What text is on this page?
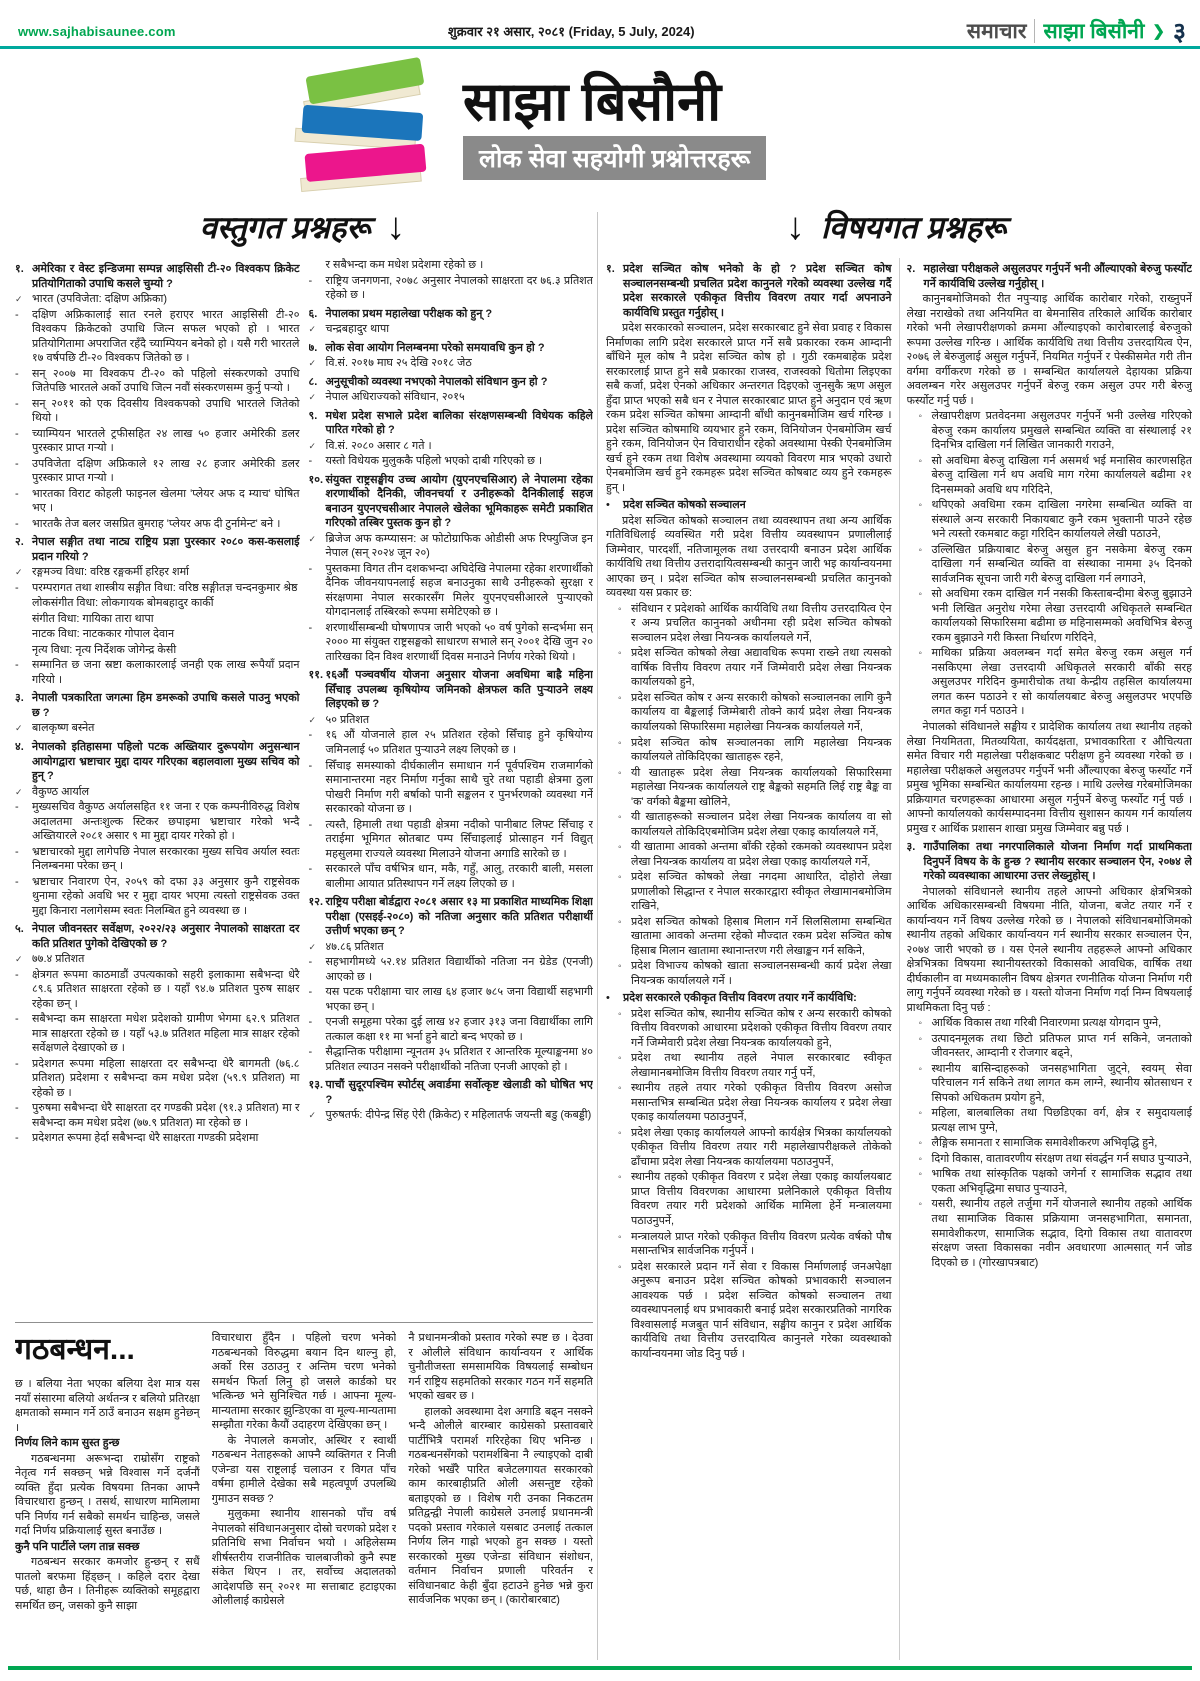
www.sajhabisaunee.com	शुक्रवार २१ असार, २०८१ (Friday, 5 July, 2024)	समाचार साझा बिसौनी ❯ ३
साझा बिसौनी
लोक सेवा सहयोगी प्रश्नोत्तरहरू
वस्तुगत प्रश्नहरू ↓	↓ विषयगत प्रश्नहरू
१. अमेरिका र वेस्ट इन्डिजमा सम्पन्न आइसिसी टी-२० विश्वकप क्रिकेट प्रतियोगिताको उपाधि कसले चुम्यो ?
✓ भारत (उपविजेता: दक्षिण अफ्रिका)
-	दक्षिण अफ्रिकालाई सात रनले हराएर भारत आइसिसी टी-२० विश्वकप क्रिकेटको उपाधि जित्न सफल भएको हो । भारत प्रतियोगितामा अपराजित रहँदै च्याम्पियन बनेको हो । यसै गरी भारतले १७ वर्षपछि टी-२० विश्वकप जितेको छ ।
-	सन् २००७ मा विश्वकप टी-२० को पहिलो संस्करणको उपाधि जितेपछि भारतले अर्को उपाधि जित्न नवौं संस्करणसम्म कुर्नु पऱ्यो ।
-	सन् २०११ को एक दिवसीय विश्वकपको उपाधि भारतले जितेको थियो ।
-	च्याम्पियन भारतले ट्रफीसहित २४ लाख ५० हजार अमेरिकी डलर पुरस्कार प्राप्त गऱ्यो ।
-	उपविजेता दक्षिण अफ्रिकाले १२ लाख २८ हजार अमेरिकी डलर पुरस्कार प्राप्त गऱ्यो ।
-	भारतका विराट कोहली फाइनल खेलमा 'प्लेयर अफ द म्याच' घोषित भए ।
-	भारतकै तेज बलर जसप्रित बुमराह 'प्लेयर अफ दी टुर्नामेन्ट' बने ।
२. नेपाल सङ्गीत तथा नाट्य राष्ट्रिय प्रज्ञा पुरस्कार २०८० कस-कसलाई प्रदान गरियो ?
✓ रङ्गमञ्च विधा: वरिष्ठ रङ्गकर्मी हरिहर शर्मा
-	परम्परागत तथा शास्त्रीय सङ्गीत विधा: वरिष्ठ सङ्गीतज्ञ चन्दनकुमार श्रेष्ठ
लोकसंगीत विधा: लोकगायक बोमबहादुर कार्की
संगीत विधा: गायिका तारा थापा
नाटक विधा: नाटककार गोपाल देवान
नृत्य विधा: नृत्य निर्देशक जोगेन्द्र केसी
-	सम्मानित छ जना स्रष्टा कलाकारलाई जनही एक लाख रूपैयाँ प्रदान गरियो ।
३. नेपाली पत्रकारिता जगत्मा हिम डमरूको उपाधि कसले पाउनु भएको छ ?
✓ बालकृष्ण बस्नेत
४. नेपालको इतिहासमा पहिलो पटक अख्तियार दुरूपयोग अनुसन्धान आयोगद्वारा भ्रष्टाचार मुद्दा दायर गरिएका बहालवाला मुख्य सचिव को हुन् ?
✓ वैकुण्ठ आर्याल
-	मुख्यसचिव वैकुण्ठ अर्यालसहित ११ जना र एक कम्पनीविरुद्ध विशेष अदालतमा अन्तःशुल्क स्टिकर छपाइमा भ्रष्टाचार गरेको भन्दै अख्तियारले २०८१ असार ९ मा मुद्दा दायर गरेको हो ।
-	भ्रष्टाचारको मुद्दा लागेपछि नेपाल सरकारका मुख्य सचिव अर्याल स्वतः निलम्बनमा परेका छन् ।
-	भ्रष्टाचार निवारण ऐन, २०५९ को दफा ३३ अनुसार कुनै राष्ट्रसेवक थुनामा रहेको अवधि भर र मुद्दा दायर भएमा त्यस्तो राष्ट्रसेवक उक्त मुद्दा किनारा नलागेसम्म स्वतः निलम्बित हुने व्यवस्था छ ।
५. नेपाल जीवनस्तर सर्वेक्षण, २०२२/२३ अनुसार नेपालको साक्षरता दर कति प्रतिशत पुगेको देखिएको छ ?
✓ ७७.४ प्रतिशत
-	क्षेत्रगत रूपमा काठमाडौं उपत्यकाको सहरी इलाकामा सबैभन्दा धेरै ८९.६ प्रतिशत साक्षरता रहेको छ । यहाँ ९४.७ प्रतिशत पुरुष साक्षर रहेका छन् ।
-	सबैभन्दा कम साक्षरता मधेश प्रदेशको ग्रामीण भेगमा ६२.९ प्रतिशत मात्र साक्षरता रहेको छ । यहाँ ५३.७ प्रतिशत महिला मात्र साक्षर रहेको सर्वेक्षणले देखाएको छ ।
-	प्रदेशगत रूपमा महिला साक्षरता दर सबैभन्दा धेरै बागमती (७६.८ प्रतिशत) प्रदेशमा र सबैभन्दा कम मधेश प्रदेश (५९.९ प्रतिशत) मा रहेको छ ।
-	पुरुषमा सबैभन्दा धेरै साक्षरता दर गण्डकी प्रदेश (९१.३ प्रतिशत) मा र सबैभन्दा कम मधेश प्रदेश (७७.९ प्रतिशत) मा रहेको छ ।
-	प्रदेशगत रूपमा हेर्दा सबैभन्दा धेरै साक्षरता गण्डकी प्रदेशमा
र सबैभन्दा कम मधेश प्रदेशमा रहेको छ ।
-	राष्ट्रिय जनगणना, २०७८ अनुसार नेपालको साक्षरता दर ७६.३ प्रतिशत रहेको छ ।
६. नेपालका प्रथम महालेखा परीक्षक को हुन् ?
✓ चन्द्रबहादुर थापा
७. लोक सेवा आयोग निलम्बनमा परेको समयावधि कुन हो ?
✓ वि.सं. २०१७ माघ २५ देखि २०१८ जेठ
८. अनुसूचीको व्यवस्था नभएको नेपालको संविधान कुन हो ?
✓ नेपाल अधिराज्यको संविधान, २०१५
९. मधेश प्रदेश सभाले प्रदेश बालिका संरक्षणसम्बन्धी विधेयक कहिले पारित गरेको हो ?
✓ वि.सं. २०८० असार ८ गते ।
-	यस्तो विधेयक मुलुककै पहिलो भएको दाबी गरिएको छ ।
१०. संयुक्त राष्ट्रसङ्घीय उच्च आयोग (युएनएचसिआर) ले नेपालमा रहेका शरणार्थीको दैनिकी, जीवनचर्या र उनीहरूको दैनिकीलाई सहज बनाउन युएनएचसीआर नेपालले खेलेका भूमिकाहरू समेटी प्रकाशित गरिएको तस्बिर पुस्तक कुन हो ?
✓ ब्रिजेज अफ कम्प्यासन: अ फोटोग्राफिक ओडीसी अफ रिफ्युजिज इन नेपाल (सन् २०२४ जून २०)
-	पुस्तकमा विगत तीन दशकभन्दा अघिदेखि नेपालमा रहेका शरणार्थीको दैनिक जीवनयापनलाई सहज बनाउनुका साथै उनीहरूको सुरक्षा र संरक्षणमा नेपाल सरकारसँग मिलेर युएनएचसीआरले पुऱ्याएको योगदानलाई तस्बिरको रूपमा समेटिएको छ ।
-	शरणार्थीसम्बन्धी घोषणापत्र जारी भएको ५० वर्ष पुगेको सन्दर्भमा सन् २००० मा संयुक्त राष्ट्रसङ्घको साधारण सभाले सन् २००१ देखि जुन २० तारिखका दिन विश्व शरणार्थी दिवस मनाउने निर्णय गरेको थियो ।
११. १६औं पञ्चवर्षीय योजना अनुसार योजना अवधिमा बाह्रै महिना सिँचाइ उपलब्ध कृषियोग्य जमिनको क्षेत्रफल कति पुऱ्याउने लक्ष्य लिइएको छ ?
✓ ५० प्रतिशत
-	१६ औं योजनाले हाल २५ प्रतिशत रहेको सिँचाइ हुने कृषियोग्य जमिनलाई ५० प्रतिशत पुऱ्याउने लक्ष्य लिएको छ ।
-	सिँचाइ समस्याको दीर्घकालीन समाधान गर्न पूर्वपश्चिम राजमार्गको समानान्तरमा नहर निर्माण गर्नुका साथै चुरे तथा पहाडी क्षेत्रमा ठुला पोखरी निर्माण गरी बर्षाको पानी सङ्कलन र पुनर्भरणको व्यवस्था गर्ने सरकारको योजना छ ।
-	त्यस्तै, हिमाली तथा पहाडी क्षेत्रमा नदीको पानीबाट लिफ्ट सिँचाइ र तराईमा भूमिगत स्रोतबाट पम्प सिँचाइलाई प्रोत्साहन गर्न विद्युत् महसुलमा राज्यले व्यवस्था मिलाउने योजना अगाडि सारेको छ ।
-	सरकारले पाँच वर्षभित्र धान, मकै, गहुँ, आलु, तरकारी बाली, मसला बालीमा आयात प्रतिस्थापन गर्ने लक्ष्य लिएको छ ।
१२. राष्ट्रिय परीक्षा बोर्डद्वारा २०८१ असार १३ मा प्रकाशित माध्यमिक शिक्षा परीक्षा (एसइई-२०८०) को नतिजा अनुसार कति प्रतिशत परीक्षार्थी उत्तीर्ण भएका छन् ?
✓ ४७.८६ प्रतिशत
-	सहभागीमध्ये ५२.१४ प्रतिशत विद्यार्थीको नतिजा नन ग्रेडेड (एनजी) आएको छ ।
-	यस पटक परीक्षामा चार लाख ६४ हजार ७८५ जना विद्यार्थी सहभागी भएका छन् ।
-	एनजी समूहमा परेका दुई लाख ४२ हजार ३१३ जना विद्यार्थीका लागि तत्काल कक्षा ११ मा भर्ना हुने बाटो बन्द भएको छ ।
-	सैद्धान्तिक परीक्षामा न्यूनतम ३५ प्रतिशत र आन्तरिक मूल्याङ्कनमा ४० प्रतिशत ल्याउन नसक्ने परीक्षार्थीको नतिजा एनजी आएको हो ।
१३. पाचौं सुदूरपश्चिम स्पोर्टस् अवार्डमा सर्वोत्कृष्ट खेलाडी को घोषित भए ?
✓ पुरुषतर्फ: दीपेन्द्र सिंह ऐरी (क्रिकेट) र महिलातर्फ जयन्ती बडु (कबड्डी)
१. प्रदेश सञ्चित कोष भनेको के हो ? प्रदेश सञ्चित कोष सञ्चालनसम्बन्धी प्रचलित प्रदेश कानुनले गरेको व्यवस्था उल्लेख गर्दै प्रदेश सरकारले एकीकृत वित्तीय विवरण तयार गर्दा अपनाउने कार्यविधि प्रस्तुत गर्नुहोस् ।
प्रदेश सरकारको सञ्चालन, प्रदेश सरकारबाट हुने सेवा प्रवाह र विकास निर्माणका लागि प्रदेश सरकारले प्राप्त गर्ने सबै प्रकारका रकम आम्दानी बाँधिने मूल कोष नै प्रदेश सञ्चित कोष हो । गुठी रकमबाहेक प्रदेश सरकारलाई प्राप्त हुने सबै प्रकारका राजस्व, राजस्वको धितोमा लिइएका सबै कर्जा, प्रदेश ऐनको अधिकार अन्तरगत दिइएको जुनसुकै ऋण असुल हुँदा प्राप्त भएको सबै धन र नेपाल सरकारबाट प्राप्त हुने अनुदान एवं ऋण रकम प्रदेश सञ्चित कोषमा आम्दानी बाँधी कानुनबमोजिम खर्च गरिन्छ । प्रदेश सञ्चित कोषमाथि व्ययभार हुने रकम, विनियोजन ऐनबमोजिम खर्च हुने रकम, विनियोजन ऐन विचाराधीन रहेको अवस्थामा पेस्की ऐनबमोजिम खर्च हुने रकम तथा विशेष अवस्थामा व्ययको विवरण मात्र भएको उधारो ऐनबमोजिम खर्च हुने रकमहरू प्रदेश सञ्चित कोषबाट व्यय हुने रकमहरू हुन् ।
•	प्रदेश सञ्चित कोषको सञ्चालन
प्रदेश सञ्चित कोषको सञ्चालन तथा व्यवस्थापन तथा अन्य आर्थिक गतिविधिलाई व्यवस्थित गरी प्रदेश वित्तीय व्यवस्थापन प्रणालीलाई जिम्मेवार, पारदर्शी, नतिजामूलक तथा उत्तरदायी बनाउन प्रदेश आर्थिक कार्यविधि तथा वित्तीय उत्तरादायित्वसम्बन्धी कानुन जारी भइ कार्यान्वयनमा आएका छन् । प्रदेश सञ्चित कोष सञ्चालनसम्बन्धी प्रचलित कानुनको व्यवस्था यस प्रकार छ:
◦ संविधान र प्रदेशको आर्थिक कार्यविधि तथा वित्तीय उत्तरदायित्व ऐन र अन्य प्रचलित कानुनको अधीनमा रही प्रदेश सञ्चित कोषको सञ्चालन प्रदेश लेखा नियन्त्रक कार्यालयले गर्ने,
◦ प्रदेश सञ्चित कोषको लेखा अद्यावधिक रूपमा राख्ने तथा त्यसको वार्षिक वित्तीय विवरण तयार गर्ने जिम्मेवारी प्रदेश लेखा नियन्त्रक कार्यालयको हुने,
◦ प्रदेश सञ्चित कोष र अन्य सरकारी कोषको सञ्चालनका लागि कुनै कार्यालय वा बैङ्कलाई जिम्मेबारी तोक्ने कार्य प्रदेश लेखा नियन्त्रक कार्यालयको सिफारिसमा महालेखा नियन्त्रक कार्यालयले गर्ने,
◦ प्रदेश सञ्चित कोष सञ्चालनका लागि महालेखा नियन्त्रक कार्यालयले तोकिदिएका खाताहरू रहने,
◦ यी खाताहरू प्रदेश लेखा नियन्त्रक कार्यालयको सिफारिसमा महालेखा नियन्त्रक कार्यालयले राष्ट्र बैङ्कको सहमति लिई राष्ट्र बैङ्क वा 'क' वर्गको बैङ्कमा खोलिने,
◦ यी खाताहरूको सञ्चालन प्रदेश लेखा नियन्त्रक कार्यालय वा सो कार्यालयले तोकिदिएबमोजिम प्रदेश लेखा एकाइ कार्यालयले गर्ने,
◦ यी खातामा आवको अन्तमा बाँकी रहेको रकमको व्यवस्थापन प्रदेश लेखा नियन्त्रक कार्यालय वा प्रदेश लेखा एकाइ कार्यालयले गर्ने,
◦ प्रदेश सञ्चित कोषको लेखा नगदमा आधारित, दोहोरो लेखा प्रणालीको सिद्धान्त र नेपाल सरकारद्वारा स्वीकृत लेखामानबमोजिम राखिने,
◦ प्रदेश सञ्चित कोषको हिसाब मिलान गर्ने सिलसिलामा सम्बन्धित खातामा आवको अन्तमा रहेको मौज्दात रकम प्रदेश सञ्चित कोष हिसाब मिलान खातामा स्थानान्तरण गरी लेखाङ्कन गर्न सकिने,
◦ प्रदेश विभाज्य कोषको खाता सञ्चालनसम्बन्धी कार्य प्रदेश लेखा नियन्त्रक कार्यालयले गर्ने ।
•	प्रदेश सरकारले एकीकृत वित्तीय विवरण तयार गर्ने कार्यविधि:
◦ प्रदेश सञ्चित कोष, स्थानीय सञ्चित कोष र अन्य सरकारी कोषको वित्तीय विवरणको आधारमा प्रदेशको एकीकृत वित्तीय विवरण तयार गर्ने जिम्मेवारी प्रदेश लेखा नियन्त्रक कार्यालयको हुने,
◦ प्रदेश तथा स्थानीय तहले नेपाल सरकारबाट स्वीकृत लेखामानबमोजिम वित्तीय विवरण तयार गर्नु पर्ने,
◦ स्थानीय तहले तयार गरेको एकीकृत वित्तीय विवरण असोज मसान्तभित्र सम्बन्धित प्रदेश लेखा नियन्त्रक कार्यालय र प्रदेश लेखा एकाइ कार्यालयमा पठाउनुपर्ने,
◦ प्रदेश लेखा एकाइ कार्यालयले आफ्नो कार्यक्षेत्र भित्रका कार्यालयको एकीकृत वित्तीय विवरण तयार गरी महालेखापरीक्षकले तोकेको ढाँचामा प्रदेश लेखा नियन्त्रक कार्यालयमा पठाउनुपर्ने,
◦ स्थानीय तहको एकीकृत विवरण र प्रदेश लेखा एकाइ कार्यालयबाट प्राप्त वित्तीय विवरणका आधारमा प्रलेनिकाले एकीकृत वित्तीय विवरण तयार गरी प्रदेशको आर्थिक मामिला हेर्ने मन्त्रालयमा पठाउनुपर्ने,
◦ मन्त्रालयले प्राप्त गरेको एकीकृत वित्तीय विवरण प्रत्येक वर्षको पौष मसान्तभित्र सार्वजनिक गर्नुपर्ने ।
◦ प्रदेश सरकारले प्रदान गर्ने सेवा र विकास निर्माणलाई जनअपेक्षा अनुरूप बनाउन प्रदेश सञ्चित कोषको प्रभावकारी सञ्चालन आवश्यक पर्छ । प्रदेश सञ्चित कोषको सञ्चालन तथा व्यवस्थापनलाई थप प्रभावकारी बनाई प्रदेश सरकारप्रतिको नागरिक विश्वासलाई मजबुत पार्न संविधान, सङ्घीय कानुन र प्रदेश आर्थिक कार्यविधि तथा वित्तीय उत्तरदायित्व कानुनले गरेका व्यवस्थाको कार्यान्वयनमा जोड दिनु पर्छ ।
२. महालेखा परीक्षकले असुलउपर गर्नुपर्ने भनी औंल्याएको बेरुजु फर्स्योट गर्ने कार्यविधि उल्लेख गर्नुहोस् ।
कानुनबमोजिमको रीत नपुऱ्याइ आर्थिक कारोबार गरेको, राख्नुपर्ने लेखा नराखेको तथा अनियमित वा बेमनासिव तरिकाले आर्थिक कारोबार गरेको भनी लेखापरीक्षणको क्रममा औंल्याइएको कारोबारलाई बेरुजुको रूपमा उल्लेख गरिन्छ । आर्थिक कार्यविधि तथा वित्तीय उत्तरदायित्व ऐन, २०७६ ले बेरुजुलाई असुल गर्नुपर्ने, नियमित गर्नुपर्ने र पेस्कीसमेत गरी तीन वर्गमा वर्गीकरण गरेको छ । सम्बन्धित कार्यालयले देहायका प्रक्रिया अवलम्बन गरेर असुलउपर गर्नुपर्ने बेरुजु रकम असुल उपर गरी बेरुजु फर्स्योट गर्नु पर्छ ।
◦ लेखापरीक्षण प्रतवेदनमा असुलउपर गर्नुपर्ने भनी उल्लेख गरिएको बेरुजु रकम कार्यालय प्रमुखले सम्बन्धित व्यक्ति वा संस्थालाई २१ दिनभित्र दाखिला गर्न लिखित जानकारी गराउने,
◦ सो अवधिमा बेरुजु दाखिला गर्न असमर्थ भई मनासिव कारणसहित बेरुजु दाखिला गर्न थप अवधि माग गरेमा कार्यालयले बढीमा २१ दिनसम्मको अवधि थप गरिदिने,
◦ थपिएको अवधिमा रकम दाखिला नगरेमा सम्बन्धित व्यक्ति वा संस्थाले अन्य सरकारी निकायबाट कुनै रकम भुक्तानी पाउने रहेछ भने त्यस्तो रकमबाट कट्टा गरिदिन कार्यालयले लेखी पठाउने,
◦ उल्लिखित प्रक्रियाबाट बेरुजु असुल हुन नसकेमा बेरुजु रकम दाखिला गर्न सम्बन्धित व्यक्ति वा संस्थाका नाममा ३५ दिनको सार्वजनिक सूचना जारी गरी बेरुजु दाखिला गर्न लगाउने,
◦ सो अवधिमा रकम दाखिल गर्न नसकी किस्ताबन्दीमा बेरुजु बुझाउने भनी लिखित अनुरोध गरेमा लेखा उत्तरदायी अधिकृतले सम्बन्धित कार्यालयको सिफारिसमा बढीमा छ महिनासम्मको अवधिभित्र बेरुजु रकम बुझाउने गरी किस्ता निर्धारण गरिदिने,
◦ माथिका प्रक्रिया अवलम्बन गर्दा समेत बेरुजु रकम असुल गर्न नसकिएमा लेखा उत्तरदायी अधिकृतले सरकारी बाँकी सरह असुलउपर गरिदिन कुमारीचोक तथा केन्द्रीय तहसिल कार्यालयमा लगत कस्न पठाउने र सो कार्यालयबाट बेरुजु असुलउपर भएपछि लगत कट्टा गर्न पठाउने ।
नेपालको संविधानले सङ्घीय र प्रादेशिक कार्यालय तथा स्थानीय तहको लेखा नियमितता, मितव्ययिता, कार्यदक्षता, प्रभावकारिता र औचित्यता समेत विचार गरी महालेखा परीक्षकबाट परीक्षण हुने व्यवस्था गरेको छ । महालेखा परीक्षकले असुलउपर गर्नुपर्ने भनी औंल्याएका बेरुजु फर्स्योट गर्ने प्रमुख भूमिका सम्बन्धित कार्यालयमा रहन्छ । माथि उल्लेख गरेबमोजिमका प्रक्रियागत चरणहरूका आधारमा असुल गर्नुपर्ने बेरुजु फर्स्योट गर्नु पर्छ । आफ्नो कार्यालयको कार्यसम्पादनमा वित्तीय सुशासन कायम गर्न कार्यालय प्रमुख र आर्थिक प्रशासन शाखा प्रमुख जिम्मेवार बन्नु पर्छ ।
३. गाउँपालिका तथा नगरपालिकाले योजना निर्माण गर्दा प्राथमिकता दिनुपर्ने विषय के के हुन्छ ? स्थानीय सरकार सञ्चालन ऐन, २०७४ ले गरेको व्यवस्थाका आधारमा उत्तर लेख्नुहोस् ।
नेपालको संविधानले स्थानीय तहले आफ्नो अधिकार क्षेत्रभित्रको आर्थिक अधिकारसम्बन्धी विषयमा नीति, योजना, बजेट तयार गर्ने र कार्यान्वयन गर्ने विषय उल्लेख गरेको छ । नेपालको संविधानबमोजिमको स्थानीय तहको अधिकार कार्यान्वयन गर्न स्थानीय सरकार सञ्चालन ऐन, २०७४ जारी भएको छ । यस ऐनले स्थानीय तहहरूले आफ्नो अधिकार क्षेत्रभित्रका विषयमा स्थानीयस्तरको विकासको आवधिक, वार्षिक तथा दीर्घकालीन वा मध्यमकालीन विषय क्षेत्रगत रणनीतिक योजना निर्माण गरी लागु गर्नुपर्ने व्यवस्था गरेको छ । यस्तो योजना निर्माण गर्दा निम्न विषयलाई प्राथमिकता दिनु पर्छ :
◦ आर्थिक विकास तथा गरिबी निवारणमा प्रत्यक्ष योगदान पुग्ने,
◦ उत्पादनमूलक तथा छिटो प्रतिफल प्राप्त गर्न सकिने, जनताको जीवनस्तर, आम्दानी र रोजगार बढ्ने,
◦ स्थानीय बासिन्दाहरूको जनसहभागिता जुट्ने, स्वयम् सेवा परिचालन गर्न सकिने तथा लागत कम लाग्ने, स्थानीय स्रोतसाधन र सिपको अधिकतम प्रयोग हुने,
◦ महिला, बालबालिका तथा पिछडिएका वर्ग, क्षेत्र र समुदायलाई प्रत्यक्ष लाभ पुग्ने,
◦ लैङ्गिक समानता र सामाजिक समावेशीकरण अभिवृद्धि हुने,
◦ दिगो विकास, वातावरणीय संरक्षण तथा संवर्द्धन गर्न सघाउ पुऱ्याउने,
◦ भाषिक तथा सांस्कृतिक पक्षको जगेर्ना र सामाजिक सद्भाव तथा एकता अभिवृद्धिमा सघाउ पुऱ्याउने,
◦ यसरी, स्थानीय तहले तर्जुमा गर्ने योजनाले स्थानीय तहको आर्थिक तथा सामाजिक विकास प्रक्रियामा जनसहभागिता, समानता, समावेशीकरण, सामाजिक सद्भाव, दिगो विकास तथा वातावरण संरक्षण जस्ता विकासका नवीन अवधारणा आत्मसात् गर्न जोड दिएको छ । (गोरखापत्रबाट)
गठबन्धन...
छ । बलिया नेता भएका बलिया देश मात्र यस नयाँ संसारमा बलियो अर्थतन्त्र र बलियो प्रतिरक्षा क्षमताको सम्मान गर्ने ठाउँ बनाउन सक्षम हुनेछन् ।
निर्णय लिने काम सुस्त हुन्छ
गठबन्धनमा अरूभन्दा राम्रोसँग राष्ट्रको नेतृत्व गर्न सक्छन् भन्ने विश्वास गर्ने दर्जनौं व्यक्ति हुँदा प्रत्येक विषयमा तिनका आफ्नै विचारधारा हुन्छन् । तसर्थ, साधारण मामिलामा पनि निर्णय गर्न सबैको समर्थन चाहिन्छ, जसले गर्दा निर्णय प्रक्रियालाई सुस्त बनाउँछ ।
कुनै पनि पार्टीले प्लग तान्न सक्छ
गठबन्धन सरकार कमजोर हुन्छन् र सधैं पातलो बरफमा हिंड्छन् । कहिले दरार देखा पर्छ, थाहा छैन । तिनीहरू व्यक्तिको समूहद्वारा समर्थित छन्, जसको कुनै साझा
विचारधारा हुँदैन । पहिलो चरण भनेको गठबन्धनको विरुद्धमा बयान दिन थाल्नु हो, अर्को रिस उठाउनु र अन्तिम चरण भनेको समर्थन फिर्ता लिनु हो जसले कार्डको घर भत्किन्छ भने सुनिश्चित गर्छ । आफ्ना मूल्य-मान्यतामा सरकार झुन्डिएका वा मूल्य-मान्यतामा सम्झौता गरेका कैयौं उदाहरण देखिएका छन् ।
के नेपालले कमजोर, अस्थिर र स्वार्थी गठबन्धन नेताहरूको आफ्नै व्यक्तिगत र निजी एजेन्डा यस राष्ट्रलाई चलाउन र विगत पाँच वर्षमा हामीले देखेका सबै महत्वपूर्ण उपलब्धि गुमाउन सक्छ ?
मुलुकमा स्थानीय शासनको पाँच वर्ष नेपालको संविधानअनुसार दोस्रो चरणको प्रदेश र प्रतिनिधि सभा निर्वाचन भयो । अहिलेसम्म शीर्षस्तरीय राजनीतिक चालबाजीको कुनै स्पष्ट संकेत थिएन । तर, सर्वोच्च अदालतको आदेशपछि सन् २०२१ मा सत्ताबाट हटाइएका ओलीलाई काग्रेसले
नै प्रधानमन्त्रीको प्रस्ताव गरेको स्पष्ट छ । देउवा र ओलीले संविधान कार्यान्वयन र आर्थिक चुनौतीजस्ता समसामयिक विषयलाई सम्बोधन गर्न राष्ट्रिय सहमतिको सरकार गठन गर्ने सहमति भएको खबर छ ।
हालको अवस्थामा देश अगाडि बढ्न नसक्ने भन्दै ओलीले बारम्बार काग्रेसको प्रस्तावबारे पार्टीभित्रै परामर्श गरिरहेका थिए भनिन्छ । गठबन्धनसँगको परामर्शबिना नै ल्याइएको दाबी गरेको भखँरै पारित बजेटलगायत सरकारको काम कारबाहीप्रति ओली असन्तुष्ट रहेको बताइएको छ । विशेष गरी उनका निकटतम प्रतिद्वन्द्वी नेपाली काग्रेसले उनलाई प्रधानमन्त्री पदको प्रस्ताव गरेकाले यसबाट उनलाई तत्काल निर्णय लिन गाह्रो भएको हुन सक्छ । यस्तो सरकारको मुख्य एजेन्डा संविधान संशोधन, वर्तमान निर्वाचन प्रणाली परिवर्तन र संविधानबाट केही बुँदा हटाउने हुनेछ भन्ने कुरा सार्वजनिक भएका छन् । (कारोबारबाट)
